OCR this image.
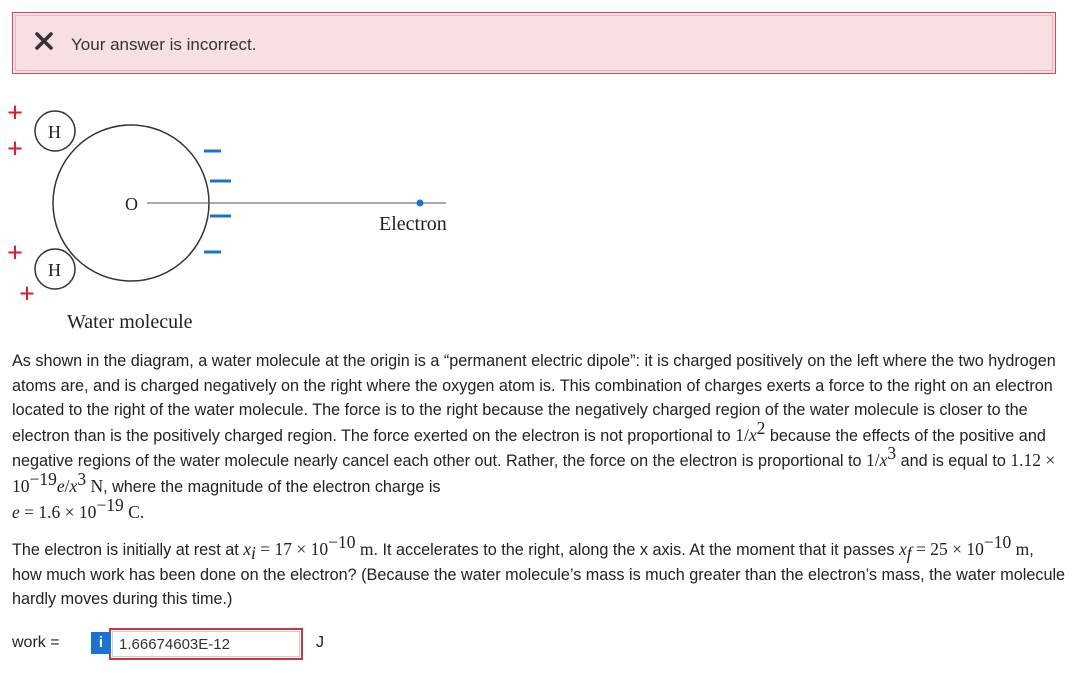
Your answer is incorrect.
H
H
O
Electron
+
+
+
+
Water molecule
As shown in the diagram, a water molecule at the origin is a “permanent electric dipole”: it is charged positively on the left where the two hydrogen atoms are, and is charged negatively on the right where the oxygen atom is. This combination of charges exerts a force to the right on an electron located to the right of the water molecule. The force is to the right because the negatively charged region of the water molecule is closer to the electron than is the positively charged region. The force exerted on the electron is not proportional to $1/x^2$ because the effects of the positive and negative regions of the water molecule nearly cancel each other out. Rather, the force on the electron is proportional to $1/x^3$ and is equal to $1.12 \times 10^{-19}e/x^3$ N, where the magnitude of the electron charge is
$e = 1.6 \times 10^{-19}$ C.
The electron is initially at rest at $x_i = 17 \times 10^{-10}$ m. It accelerates to the right, along the x axis. At the moment that it passes $x_f = 25 \times 10^{-10}$ m, how much work has been done on the electron? (Because the water molecule’s mass is much greater than the electron’s mass, the water molecule hardly moves during this time.)
work =
1.66674603E-12	i	J
